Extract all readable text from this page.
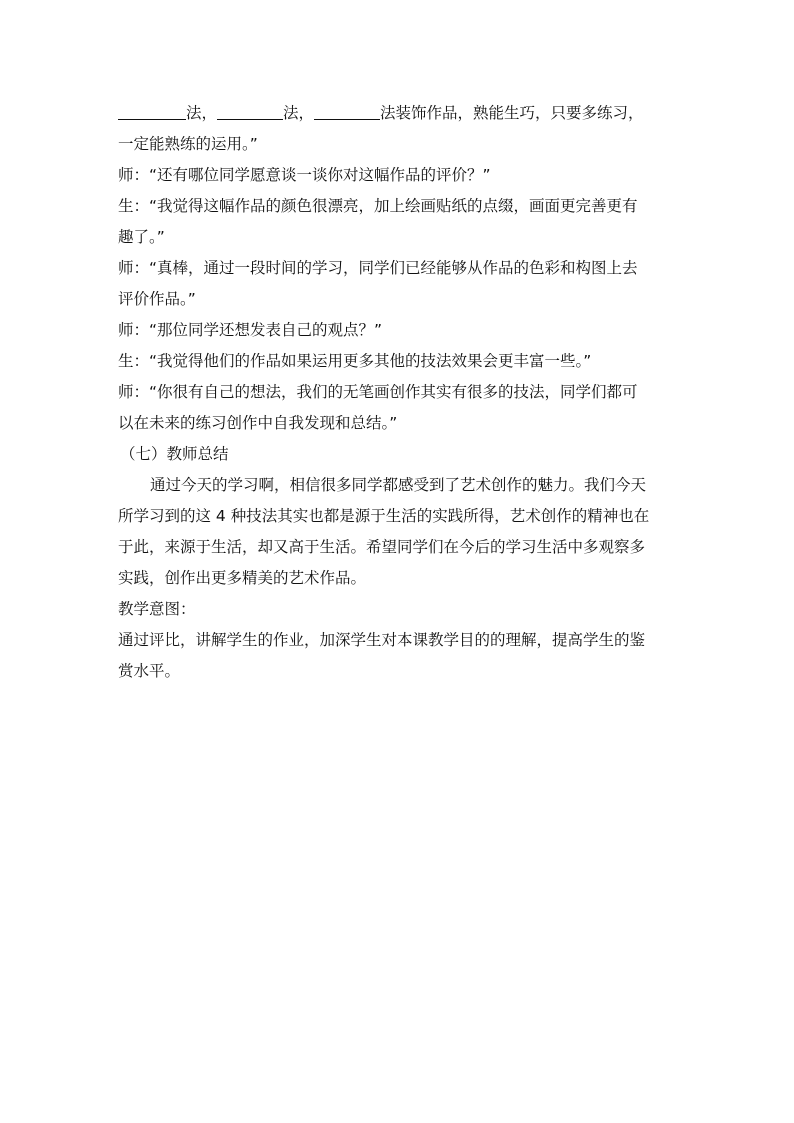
法，	法，	法装饰作品，熟能生巧，只要多练习，
一定能熟练的运用。”
师：“还有哪位同学愿意谈一谈你对这幅作品的评价？”
生：“我觉得这幅作品的颜色很漂亮，加上绘画贴纸的点缀，画面更完善更有
趣了。”
师：“真棒，通过一段时间的学习，同学们已经能够从作品的色彩和构图上去
评价作品。”
师：“那位同学还想发表自己的观点？”
生：“我觉得他们的作品如果运用更多其他的技法效果会更丰富一些。”
师：“你很有自己的想法，我们的无笔画创作其实有很多的技法，同学们都可
以在未来的练习创作中自我发现和总结。”
（七）教师总结
通过今天的学习啊，相信很多同学都感受到了艺术创作的魅力。我们今天
所学习到的这 4 种技法其实也都是源于生活的实践所得，艺术创作的精神也在
于此，来源于生活，却又高于生活。希望同学们在今后的学习生活中多观察多
实践，创作出更多精美的艺术作品。
教学意图：
通过评比，讲解学生的作业，加深学生对本课教学目的的理解，提高学生的鉴
赏水平。
